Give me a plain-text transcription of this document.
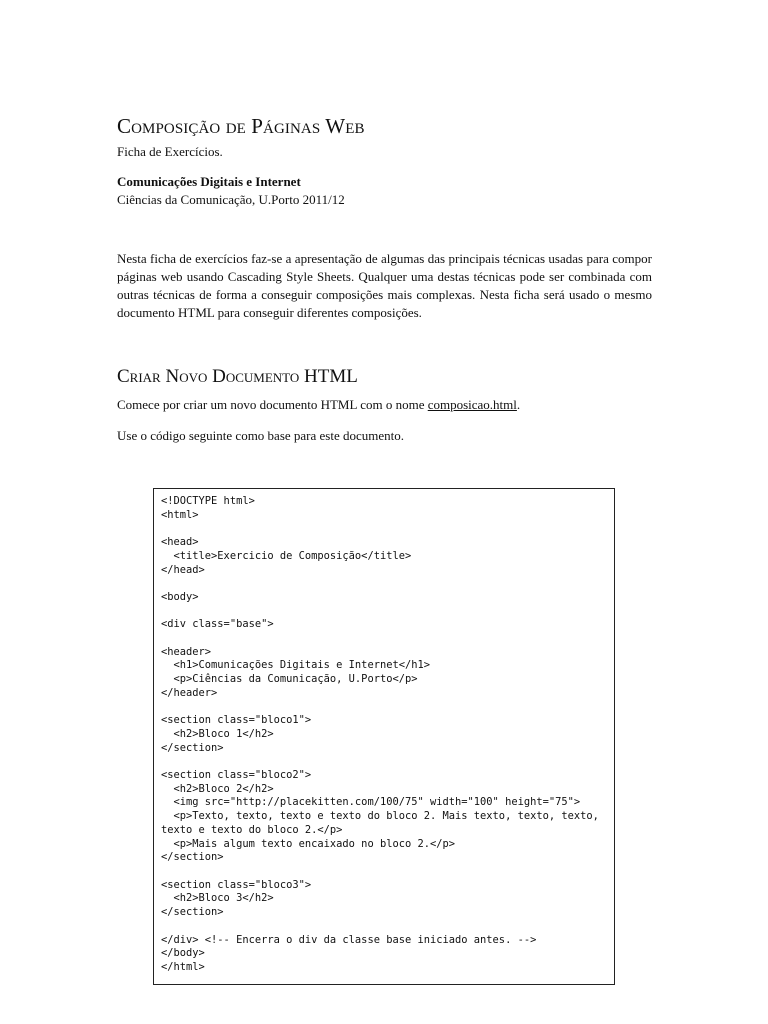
Composição de Páginas Web
Ficha de Exercícios.
Comunicações Digitais e Internet
Ciências da Comunicação, U.Porto 2011/12
Nesta ficha de exercícios faz-se a apresentação de algumas das principais técnicas usadas para compor páginas web usando Cascading Style Sheets. Qualquer uma destas técnicas pode ser combinada com outras técnicas de forma a conseguir composições mais complexas. Nesta ficha será usado o mesmo documento HTML para conseguir diferentes composições.
Criar Novo Documento HTML
Comece por criar um novo documento HTML com o nome composicao.html.
Use o código seguinte como base para este documento.
<!DOCTYPE html>
<html>

<head>
<title>Exercicio de Composição</title>
</head>

<body>

<div class="base">

<header>
<h1>Comunicações Digitais e Internet</h1>
<p>Ciências da Comunicação, U.Porto</p>
</header>

<section class="bloco1">
<h2>Bloco 1</h2>
</section>

<section class="bloco2">
<h2>Bloco 2</h2>
<img src="http://placekitten.com/100/75" width="100" height="75">
<p>Texto, texto, texto e texto do bloco 2. Mais texto, texto, texto,
texto e texto do bloco 2.</p>
<p>Mais algum texto encaixado no bloco 2.</p>
</section>

<section class="bloco3">
<h2>Bloco 3</h2>
</section>

</div> <!-- Encerra o div da classe base iniciado antes. -->
</body>
</html>
